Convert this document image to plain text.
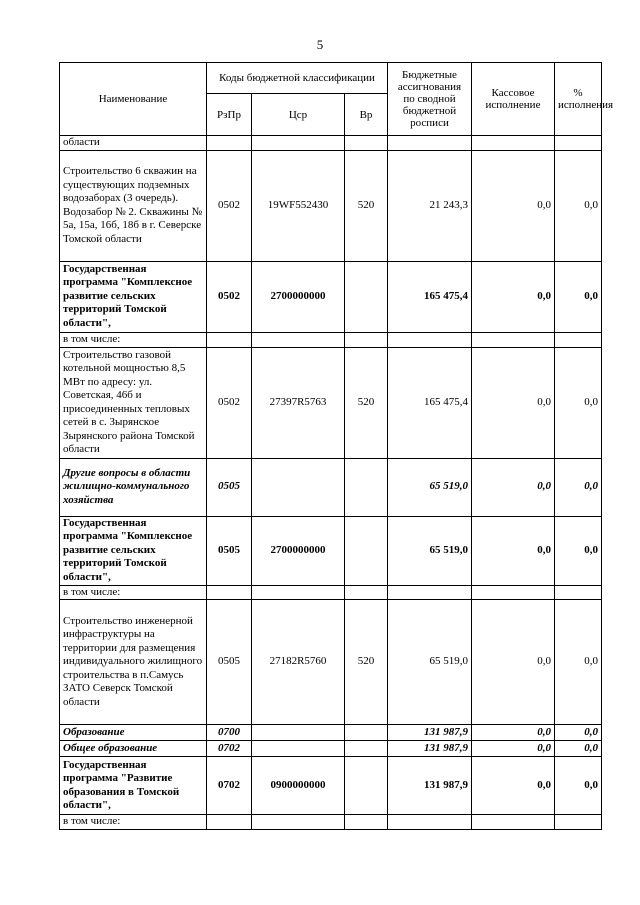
5
Наименование	Коды бюджетной классификации			Бюджетные ассигнования по сводной бюджетной росписи	Кассовое исполнение	% исполнения
	РзПр	Цср	Вр			
области						
Строительство 6 скважин на существующих подземных водозаборах (3 очередь). Водозабор № 2. Скважины № 5а, 15а, 16б, 18б в г. Северске Томской области	0502	19WF552430	520	21 243,3	0,0	0,0
Государственная программа "Комплексное развитие сельских территорий Томской области",	0502	2700000000		165 475,4	0,0	0,0
в том числе:						
Строительство газовой котельной мощностью 8,5 МВт по адресу: ул. Советская, 46б и присоединенных тепловых сетей в с. Зырянское Зырянского района Томской области	0502	27397R5763	520	165 475,4	0,0	0,0
Другие вопросы в области жилищно-коммунального хозяйства	0505			65 519,0	0,0	0,0
Государственная программа "Комплексное развитие сельских территорий Томской области",	0505	2700000000		65 519,0	0,0	0,0
в том числе:						
Строительство инженерной инфраструктуры на территории для размещения индивидуального жилищного строительства в п.Самусь ЗАТО Северск Томской области	0505	27182R5760	520	65 519,0	0,0	0,0
Образование	0700			131 987,9	0,0	0,0
Общее образование	0702			131 987,9	0,0	0,0
Государственная программа "Развитие образования в Томской области",	0702	0900000000		131 987,9	0,0	0,0
в том числе:						
